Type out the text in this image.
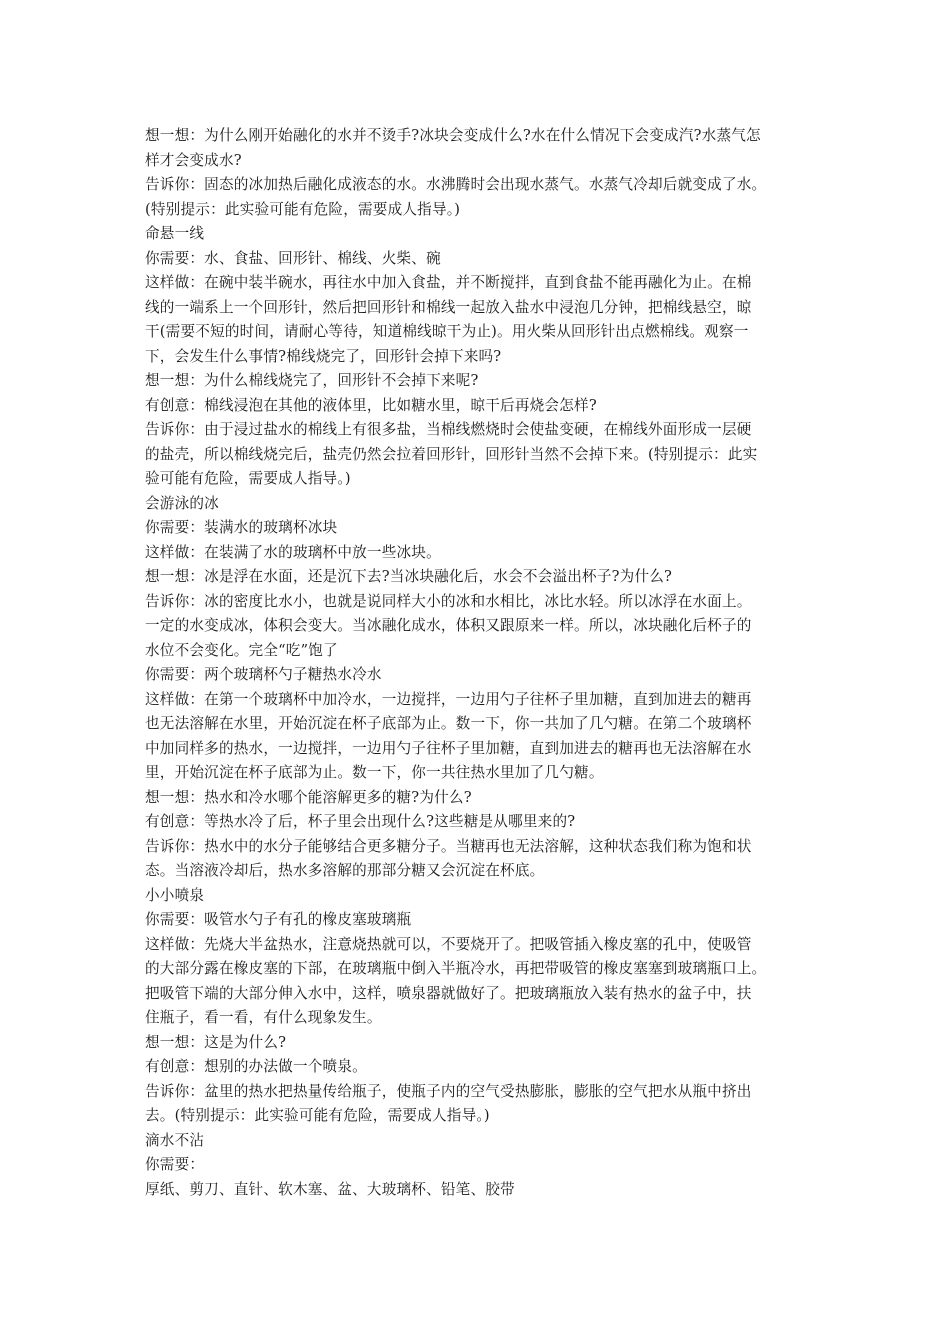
想一想：为什么刚开始融化的水并不烫手?冰块会变成什么?水在什么情况下会变成汽?水蒸气怎
样才会变成水?
告诉你：固态的冰加热后融化成液态的水。水沸腾时会出现水蒸气。水蒸气冷却后就变成了水。
(特别提示：此实验可能有危险，需要成人指导。)
命悬一线
你需要：水、食盐、回形针、棉线、火柴、碗
这样做：在碗中装半碗水，再往水中加入食盐，并不断搅拌，直到食盐不能再融化为止。在棉
线的一端系上一个回形针，然后把回形针和棉线一起放入盐水中浸泡几分钟，把棉线悬空，晾
干(需要不短的时间，请耐心等待，知道棉线晾干为止)。用火柴从回形针出点燃棉线。观察一
下，会发生什么事情?棉线烧完了，回形针会掉下来吗?
想一想：为什么棉线烧完了，回形针不会掉下来呢?
有创意：棉线浸泡在其他的液体里，比如糖水里，晾干后再烧会怎样?
告诉你：由于浸过盐水的棉线上有很多盐，当棉线燃烧时会使盐变硬，在棉线外面形成一层硬
的盐壳，所以棉线烧完后，盐壳仍然会拉着回形针，回形针当然不会掉下来。(特别提示：此实
验可能有危险，需要成人指导。)
会游泳的冰
你需要：装满水的玻璃杯冰块
这样做：在装满了水的玻璃杯中放一些冰块。
想一想：冰是浮在水面，还是沉下去?当冰块融化后，水会不会溢出杯子?为什么?
告诉你：冰的密度比水小，也就是说同样大小的冰和水相比，冰比水轻。所以冰浮在水面上。
一定的水变成冰，体积会变大。当冰融化成水，体积又跟原来一样。所以，冰块融化后杯子的
水位不会变化。完全“吃”饱了
你需要：两个玻璃杯勺子糖热水冷水
这样做：在第一个玻璃杯中加冷水，一边搅拌，一边用勺子往杯子里加糖，直到加进去的糖再
也无法溶解在水里，开始沉淀在杯子底部为止。数一下，你一共加了几勺糖。在第二个玻璃杯
中加同样多的热水，一边搅拌，一边用勺子往杯子里加糖，直到加进去的糖再也无法溶解在水
里，开始沉淀在杯子底部为止。数一下，你一共往热水里加了几勺糖。
想一想：热水和冷水哪个能溶解更多的糖?为什么?
有创意：等热水冷了后，杯子里会出现什么?这些糖是从哪里来的?
告诉你：热水中的水分子能够结合更多糖分子。当糖再也无法溶解，这种状态我们称为饱和状
态。当溶液冷却后，热水多溶解的那部分糖又会沉淀在杯底。
小小喷泉
你需要：吸管水勺子有孔的橡皮塞玻璃瓶
这样做：先烧大半盆热水，注意烧热就可以，不要烧开了。把吸管插入橡皮塞的孔中，使吸管
的大部分露在橡皮塞的下部，在玻璃瓶中倒入半瓶冷水，再把带吸管的橡皮塞塞到玻璃瓶口上。
把吸管下端的大部分伸入水中，这样，喷泉器就做好了。把玻璃瓶放入装有热水的盆子中，扶
住瓶子，看一看，有什么现象发生。
想一想：这是为什么?
有创意：想别的办法做一个喷泉。
告诉你：盆里的热水把热量传给瓶子，使瓶子内的空气受热膨胀，膨胀的空气把水从瓶中挤出
去。(特别提示：此实验可能有危险，需要成人指导。)
滴水不沾
你需要：
厚纸、剪刀、直针、软木塞、盆、大玻璃杯、铅笔、胶带
